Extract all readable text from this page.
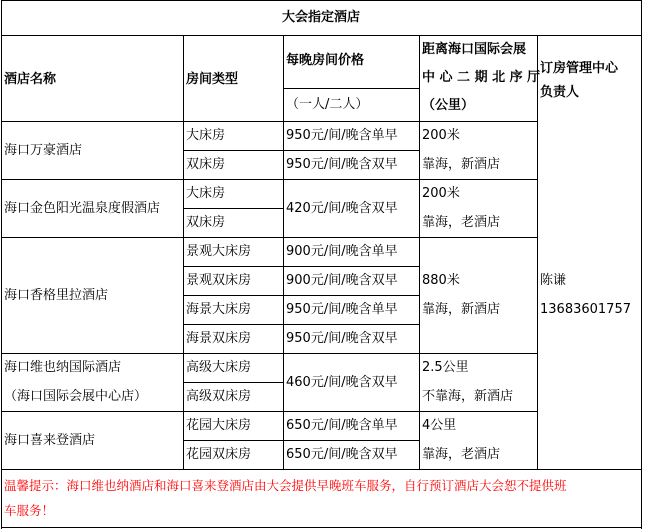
大会指定酒店
酒店名称	房间类型
每晚房间价格
（一人/二人）
距离海口国际会展
中 心 二 期 北 序 厅
（公里）
订房管理中心
负责人
海口万豪酒店
大床房
双床房
950元/间/晚含单早
950元/间/晚含双早
200米
靠海，新酒店
海口金色阳光温泉度假酒店
大床房
双床房
420元/间/晚含双早
200米
靠海，老酒店
海口香格里拉酒店
景观大床房
景观双床房
海景大床房
海景双床房
900元/间/晚含单早
900元/间/晚含双早
950元/间/晚含单早
950元/间/晚含双早
880米
靠海，新酒店
陈谦
13683601757
海口维也纳国际酒店
（海口国际会展中心店）
高级大床房
高级双床房
460元/间/晚含双早
2.5公里
不靠海，新酒店
海口喜来登酒店
花园大床房
花园双床房
650元/间/晚含单早
650元/间/晚含双早
4公里
靠海，老酒店
温馨提示：海口维也纳酒店和海口喜来登酒店由大会提供早晚班车服务，自行预订酒店大会恕不提供班
车服务！
